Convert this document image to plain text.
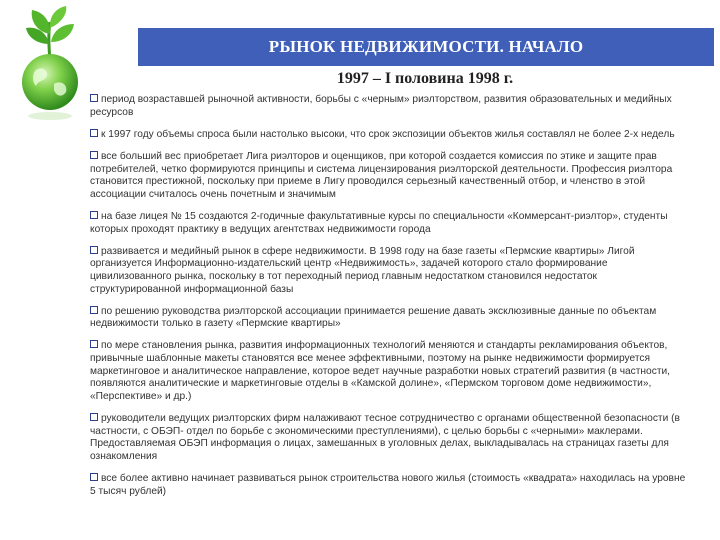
РЫНОК НЕДВИЖИМОСТИ. НАЧАЛО
1997 – I половина 1998 г.

период возраставшей рыночной активности, борьбы с «черным» риэлторством, развития образовательных и медийных ресурсов

к 1997 году объемы спроса были настолько высоки, что срок экспозиции объектов жилья составлял не более 2-х недель

все больший вес приобретает Лига риэлторов и оценщиков, при которой создается комиссия по этике и защите прав потребителей, четко формируются принципы и система лицензирования риэлторской деятельности. Профессия риэлтора становится престижной, поскольку при приеме в Лигу проводился серьезный качественный отбор, и членство в этой ассоциации считалось очень почетным и значимым

на базе лицея № 15 создаются 2-годичные факультативные курсы по специальности «Коммерсант-риэлтор», студенты которых проходят практику в ведущих агентствах недвижимости города

развивается и медийный рынок в сфере недвижимости. В 1998 году на базе газеты «Пермские квартиры» Лигой организуется Информационно-издательский центр «Недвижимость», задачей которого стало формирование цивилизованного рынка, поскольку в тот переходный период главным недостатком становился недостаток структурированной информационной базы

по решению руководства риэлторской ассоциации принимается решение давать эксклюзивные данные по объектам недвижимости только в газету «Пермские квартиры»

по мере становления рынка, развития информационных технологий меняются и стандарты рекламирования объектов, привычные шаблонные макеты становятся все менее эффективными, поэтому на рынке недвижимости формируется маркетинговое и аналитическое направление, которое ведет научные разработки новых стратегий развития (в частности, появляются аналитические и маркетинговые отделы в «Камской долине», «Пермском торговом доме недвижимости», «Перспективе» и др.)

руководители ведущих риэлторских фирм налаживают тесное сотрудничество с органами общественной безопасности (в частности, с ОБЭП- отдел по борьбе с экономическими преступлениями), с целью борьбы с «черными» маклерами. Предоставляемая ОБЭП информация о лицах, замешанных в уголовных делах, выкладывалась на страницах газеты для ознакомления

все более активно начинает развиваться рынок строительства нового жилья (стоимость «квадрата» находилась на уровне 5 тысяч рублей)
